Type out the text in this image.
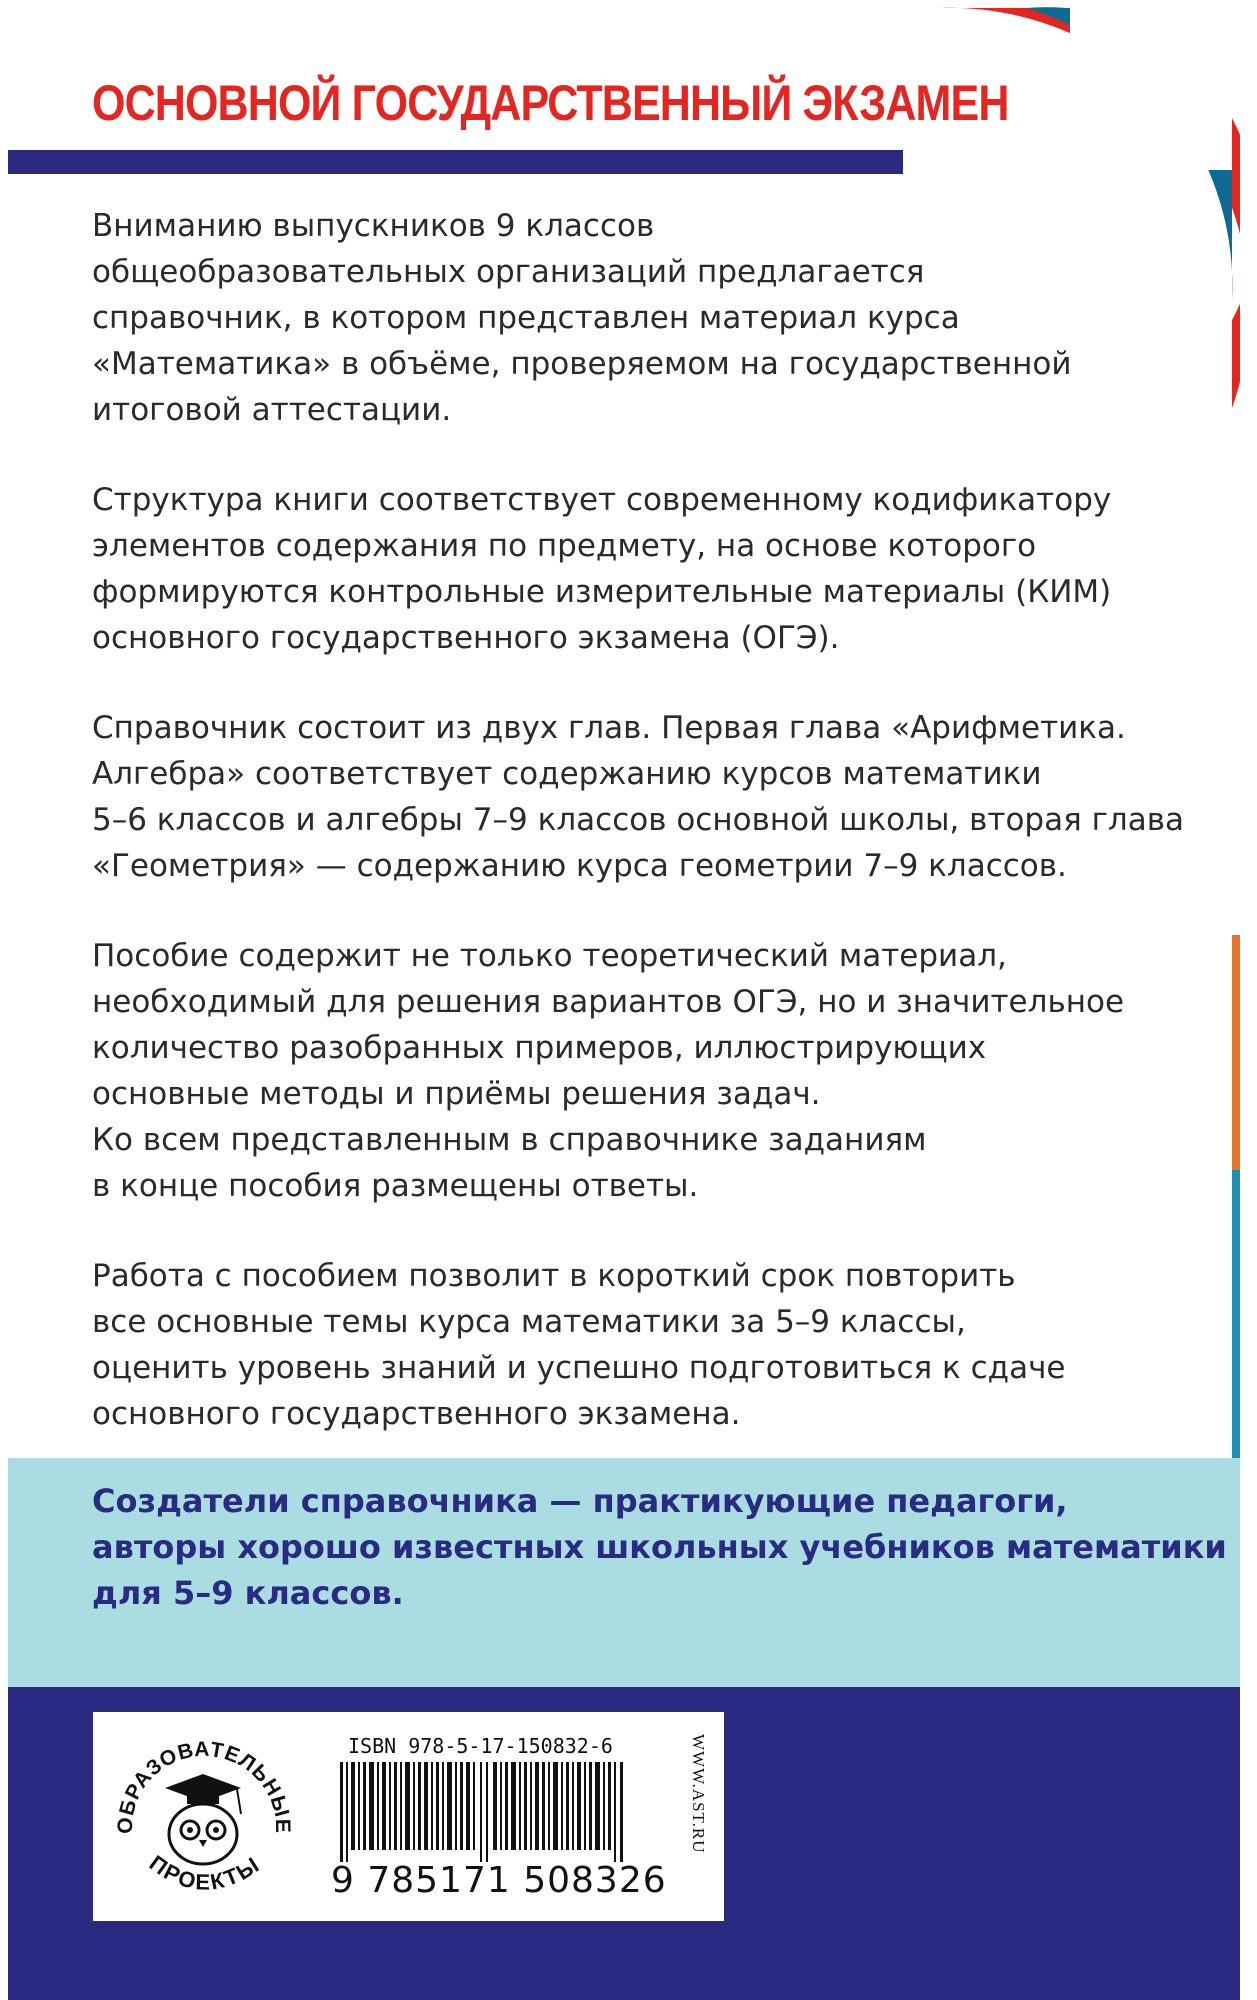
ОСНОВНОЙ ГОСУДАРСТВЕННЫЙ ЭКЗАМЕН

Вниманию выпускников 9 классов
общеобразовательных организаций предлагается
справочник, в котором представлен материал курса
«Математика» в объёме, проверяемом на государственной
итоговой аттестации.

Структура книги соответствует современному кодификатору
элементов содержания по предмету, на основе которого
формируются контрольные измерительные материалы (КИМ)
основного государственного экзамена (ОГЭ).

Справочник состоит из двух глав. Первая глава «Арифметика.
Алгебра» соответствует содержанию курсов математики
5–6 классов и алгебры 7–9 классов основной школы, вторая глава
«Геометрия» — содержанию курса геометрии 7–9 классов.

Пособие содержит не только теоретический материал,
необходимый для решения вариантов ОГЭ, но и значительное
количество разобранных примеров, иллюстрирующих
основные методы и приёмы решения задач.
Ко всем представленным в справочнике заданиям
в конце пособия размещены ответы.

Работа с пособием позволит в короткий срок повторить
все основные темы курса математики за 5–9 классы,
оценить уровень знаний и успешно подготовиться к сдаче
основного государственного экзамена.

Создатели справочника — практикующие педагоги,
авторы хорошо известных школьных учебников математики
для 5–9 классов.

ОБРАЗОВАТЕЛЬНЫЕ
ПРОЕКТЫ
ISBN 978-5-17-150832-6
9 785171 508326
WWW.AST.RU
